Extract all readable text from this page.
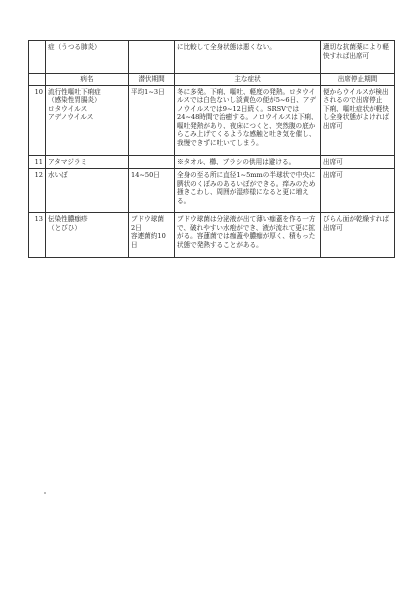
	症（うつる肺炎）		に比較して全身状態は悪くない。	適切な抗菌薬により軽快すれば出席可
	病名	潜伏期間	主な症状	出席停止期間
10	流行性嘔吐下痢症
（感染性胃腸炎）
ロタウイルス
アデノウイルス	平均1~3日	冬に多発。下痢、嘔吐、軽度の発熱。ロタウイルスでは白色ないし淡黄色の便が5~6日、アデノウイルスでは9~12日続く。SRSVでは24~48時間で治癒する。ノロウイルスは下痢、嘔吐発熱があり、夜床につくと、突然腹の底からこみ上げてくるような感触と吐き気を催し、我慢できずに吐いてしまう。	便からウイルスが検出されるので出席停止
下痢、嘔吐症状が軽快し全身状態がよければ出席可
11	アタマジラミ		※タオル、櫛、ブラシの供用は避ける。	出席可
12	水いぼ	14~50日	全身の至る所に直径1~5mmの半球状で中央に臍状のくぼみのあるいぼができる。痒みのため掻きこわし、周囲が湿疹様になると更に増える。	出席可
13	伝染性膿痂疹
（とびひ）	ブドウ球菌
2日
容連菌約10日	ブドウ球菌は分泌液が出て薄い痂蓋を作る一方で、破れやすい水疱ができ、液が流れて更に拡がる。容蓮菌では痂蓋や膿痂が厚く、積もった状態で発熱することがある。	びらん面が乾燥すれば出席可
